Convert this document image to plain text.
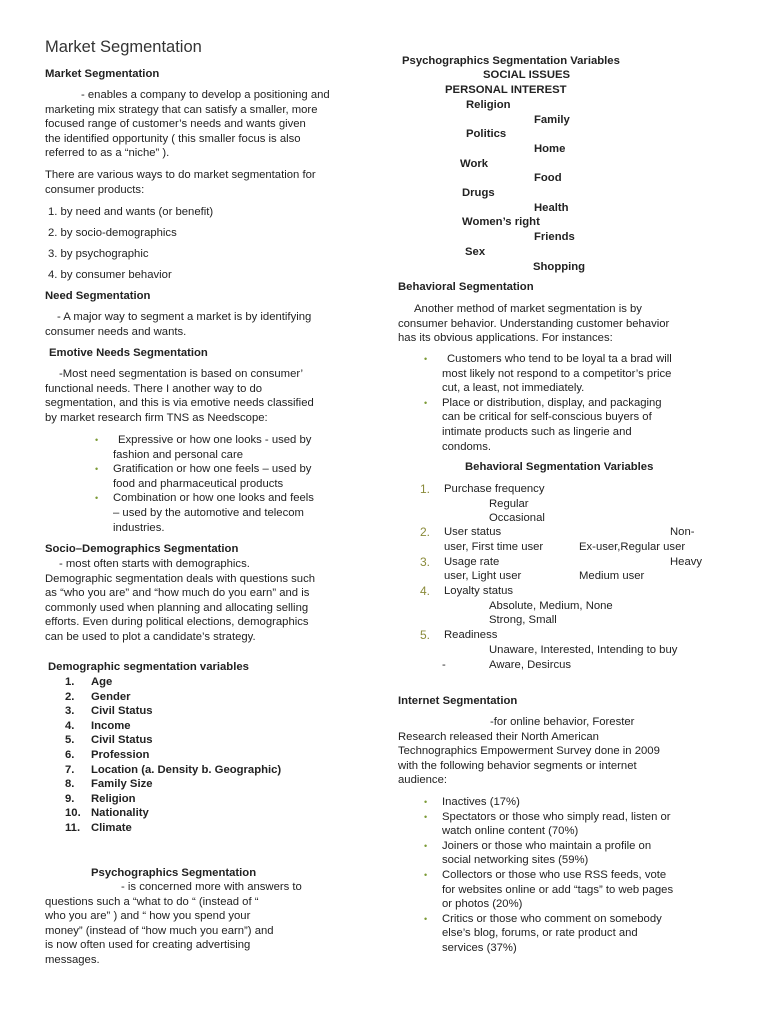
Market Segmentation
Market Segmentation
- enables a company to develop a positioning and
marketing mix strategy that can satisfy a smaller, more
focused range of customer’s needs and wants given
the identified opportunity ( this smaller focus is also
referred to as a “niche” ).
There are various ways to do market segmentation for
consumer products:
1. by need and wants (or benefit)
2. by socio-demographics
3. by psychographic
4. by consumer behavior
Need Segmentation
- A major way to segment a market is by identifying
consumer needs and wants.
Emotive Needs Segmentation
-Most need segmentation is based on consumer’
functional needs. There I another way to do
segmentation, and this is via emotive needs classified
by market research firm TNS as Needscope:
•	Expressive or how one looks - used by
fashion and personal care
• Gratification or how one feels – used by
food and pharmaceutical products
• Combination or how one looks and feels
– used by the automotive and telecom
industries.
Socio–Demographics Segmentation
- most often starts with demographics.
Demographic segmentation deals with questions such
as “who you are” and “how much do you earn” and is
commonly used when planning and allocating selling
efforts. Even during political elections, demographics
can be used to plot a candidate’s strategy.
Demographic segmentation variables
1. Age
2. Gender
3. Civil Status
4. Income
5. Civil Status
6. Profession
7. Location (a. Density b. Geographic)
8. Family Size
9. Religion
10. Nationality
11. Climate
Psychographics Segmentation
- is concerned more with answers to
questions such a “what to do “ (instead of “
who you are” ) and “ how you spend your
money” (instead of “how much you earn”) and
is now often used for creating advertising
messages.
Psychographics Segmentation Variables
SOCIAL ISSUES
PERSONAL INTEREST
Religion
Family
Politics
Home
Work
Food
Drugs
Health
Women’s right
Friends
Sex
Shopping
Behavioral Segmentation
Another method of market segmentation is by
consumer behavior. Understanding customer behavior
has its obvious applications. For instances:
•	Customers who tend to be loyal ta a brad will
most likely not respond to a competitor’s price
cut, a least, not immediately.
• Place or distribution, display, and packaging
can be critical for self-conscious buyers of
intimate products such as lingerie and
condoms.
Behavioral Segmentation Variables
1. Purchase frequency
Regular
Occasional
2. User status	Non-
user, First time user	Ex-user,Regular user
3. Usage rate	Heavy
user, Light user	Medium user
4. Loyalty status
Absolute, Medium, None
Strong, Small
5. Readiness
Unaware, Interested, Intending to buy
-	Aware, Desircus
Internet Segmentation
-for online behavior, Forester
Research released their North American
Technographics Empowerment Survey done in 2009
with the following behavior segments or internet
audience:
• Inactives (17%)
• Spectators or those who simply read, listen or
watch online content (70%)
• Joiners or those who maintain a profile on
social networking sites (59%)
• Collectors or those who use RSS feeds, vote
for websites online or add “tags” to web pages
or photos (20%)
• Critics or those who comment on somebody
else’s blog, forums, or rate product and
services (37%)
